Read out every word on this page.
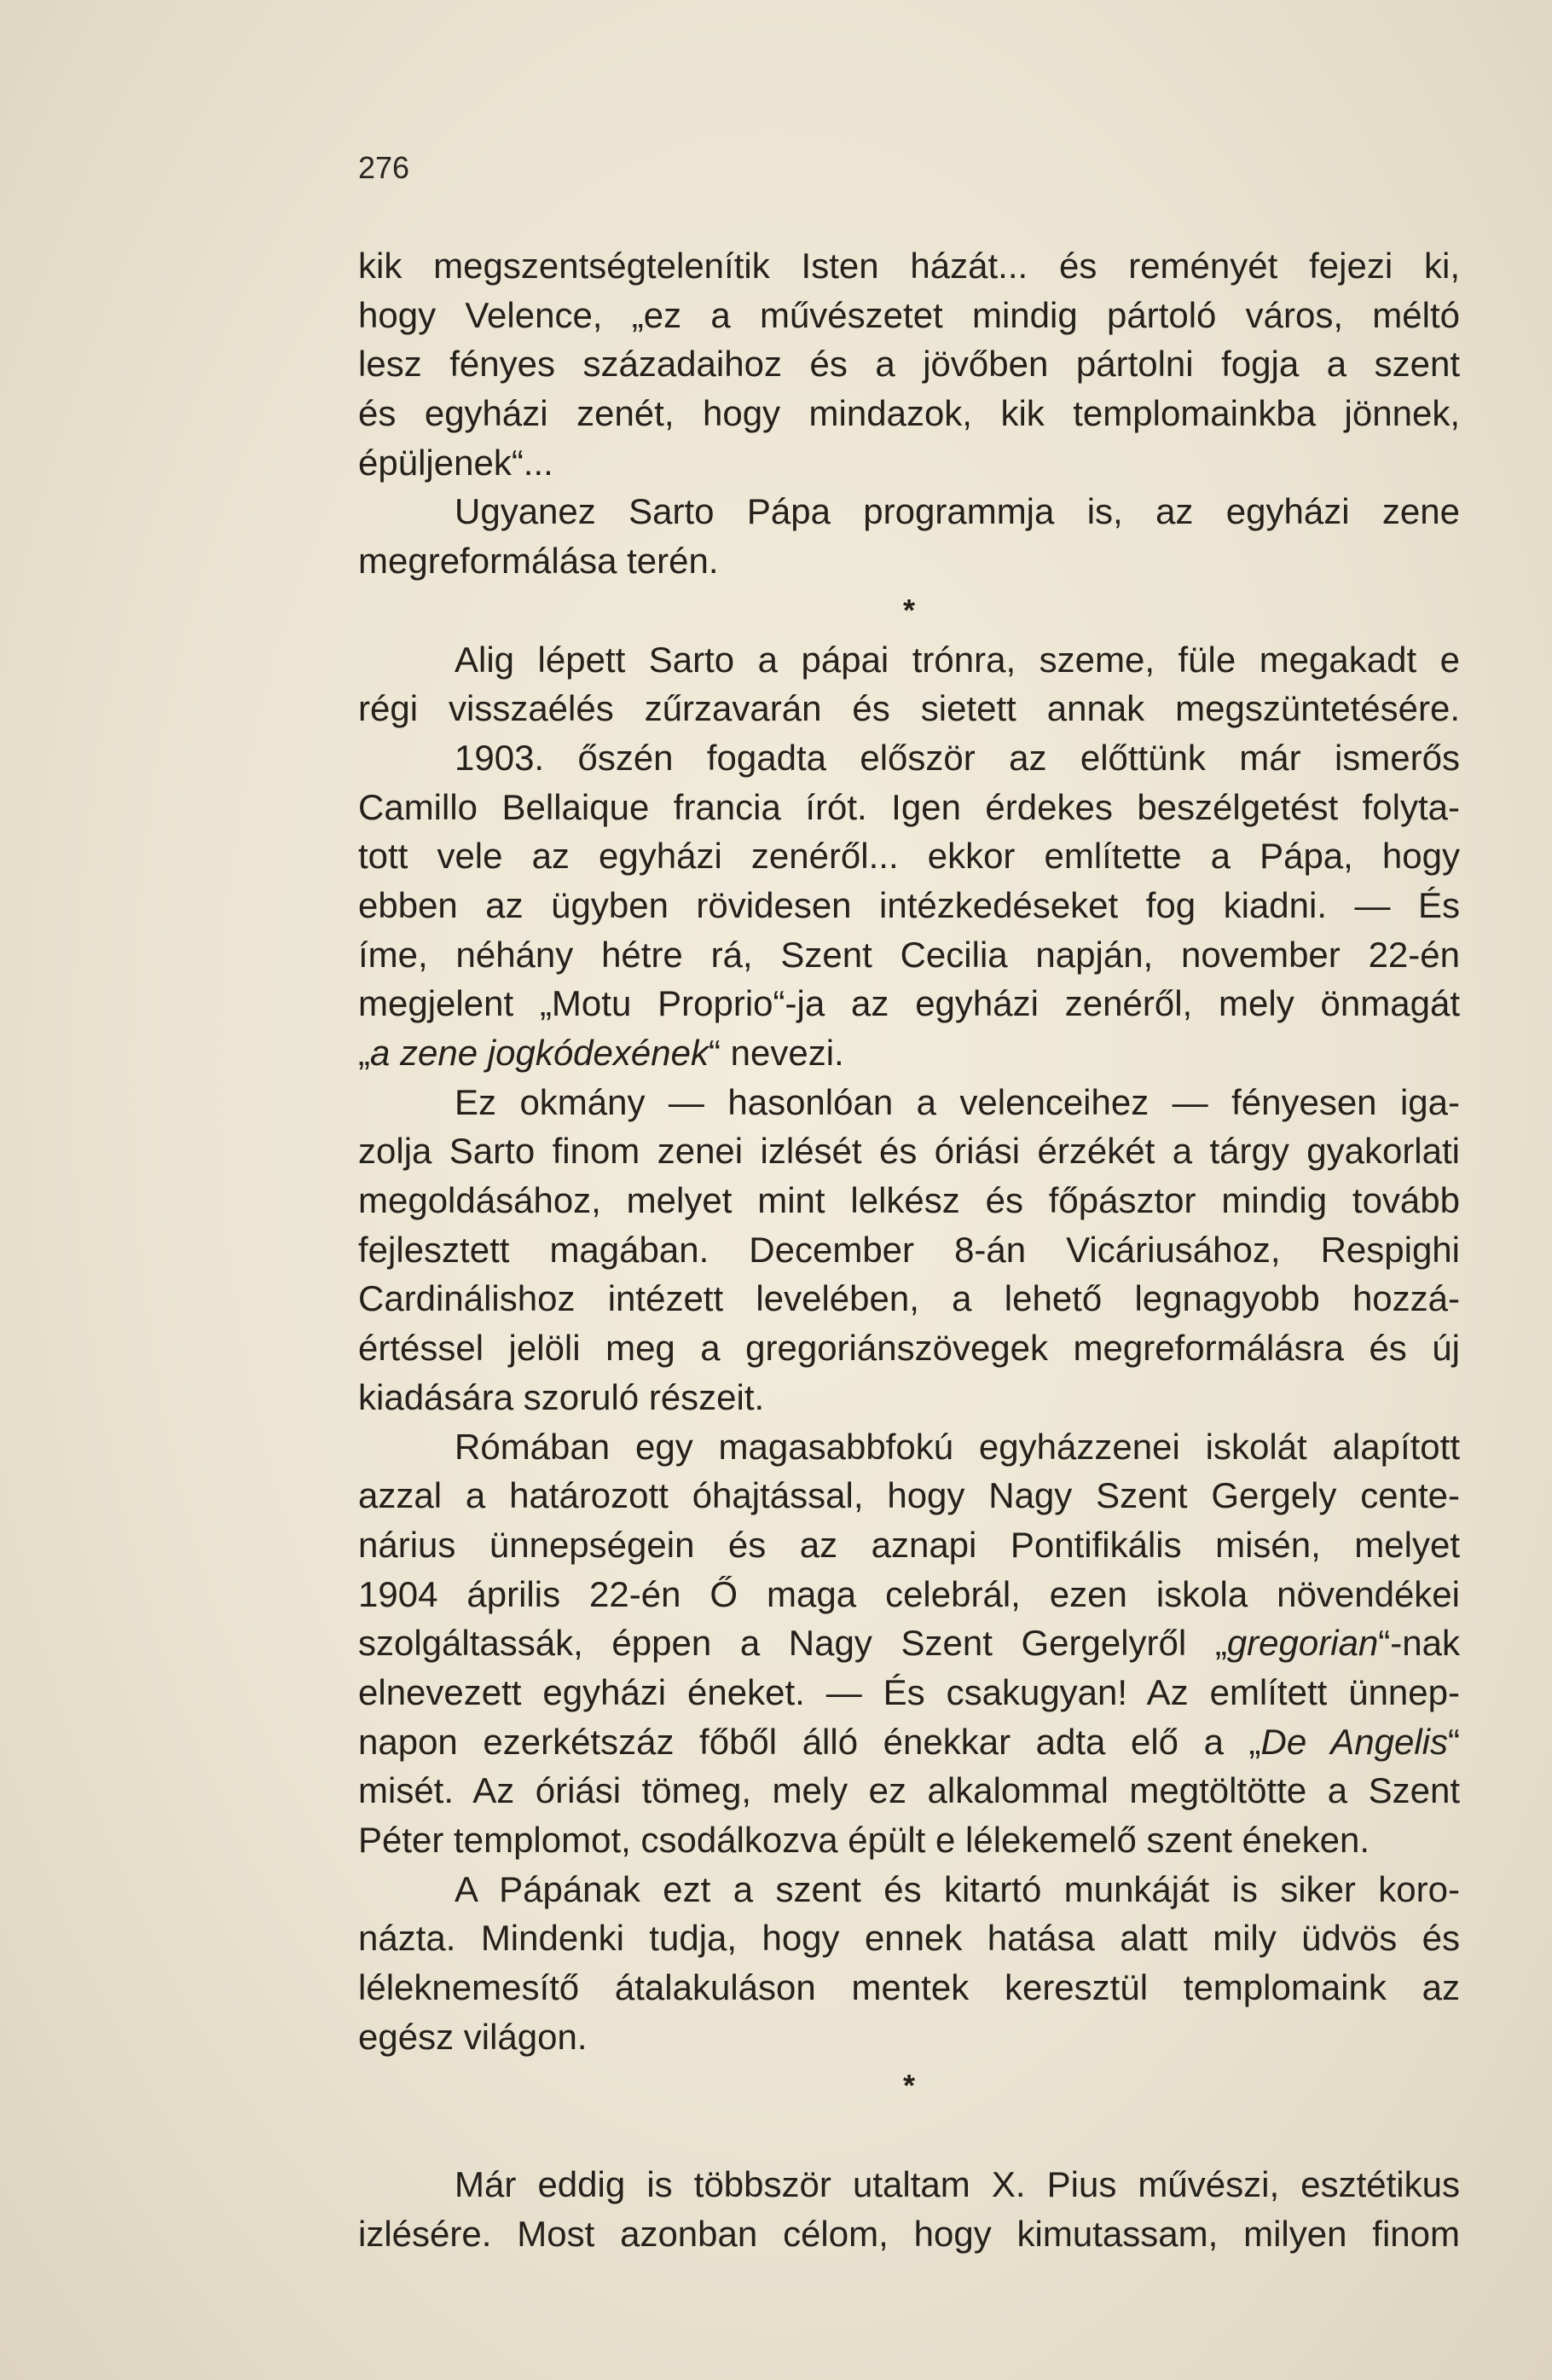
276
kik megszentségtelenítik Isten házát... és reményét fejezi ki,
hogy Velence, „ez a művészetet mindig pártoló város, méltó
lesz fényes századaihoz és a jövőben pártolni fogja a szent
és egyházi zenét, hogy mindazok, kik templomainkba jönnek,
épüljenek“...
Ugyanez Sarto Pápa programmja is, az egyházi zene
megreformálása terén.
*
Alig lépett Sarto a pápai trónra, szeme, füle megakadt e
régi visszaélés zűrzavarán és sietett annak megszüntetésére.
1903. őszén fogadta először az előttünk már ismerős
Camillo Bellaique francia írót. Igen érdekes beszélgetést folyta-
tott vele az egyházi zenéről... ekkor említette a Pápa, hogy
ebben az ügyben rövidesen intézkedéseket fog kiadni. — És
íme, néhány hétre rá, Szent Cecilia napján, november 22-én
megjelent „Motu Proprio“-ja az egyházi zenéről, mely önmagát
„a zene jogkódexének“ nevezi.
Ez okmány — hasonlóan a velenceihez — fényesen iga-
zolja Sarto finom zenei izlését és óriási érzékét a tárgy gyakorlati
megoldásához, melyet mint lelkész és főpásztor mindig tovább
fejlesztett magában. December 8-án Vicáriusához, Respighi
Cardinálishoz intézett levelében, a lehető legnagyobb hozzá-
értéssel jelöli meg a gregoriánszövegek megreformálásra és új
kiadására szoruló részeit.
Rómában egy magasabbfokú egyházzenei iskolát alapított
azzal a határozott óhajtással, hogy Nagy Szent Gergely cente-
nárius ünnepségein és az aznapi Pontifikális misén, melyet
1904 április 22-én Ő maga celebrál, ezen iskola növendékei
szolgáltassák, éppen a Nagy Szent Gergelyről „gregorian“-nak
elnevezett egyházi éneket. — És csakugyan! Az említett ünnep-
napon ezerkétszáz főből álló énekkar adta elő a „De Angelis“
misét. Az óriási tömeg, mely ez alkalommal megtöltötte a Szent
Péter templomot, csodálkozva épült e lélekemelő szent éneken.
A Pápának ezt a szent és kitartó munkáját is siker koro-
názta. Mindenki tudja, hogy ennek hatása alatt mily üdvös és
léleknemesítő átalakuláson mentek keresztül templomaink az
egész világon.
*
Már eddig is többször utaltam X. Pius művészi, esztétikus
izlésére. Most azonban célom, hogy kimutassam, milyen finom
